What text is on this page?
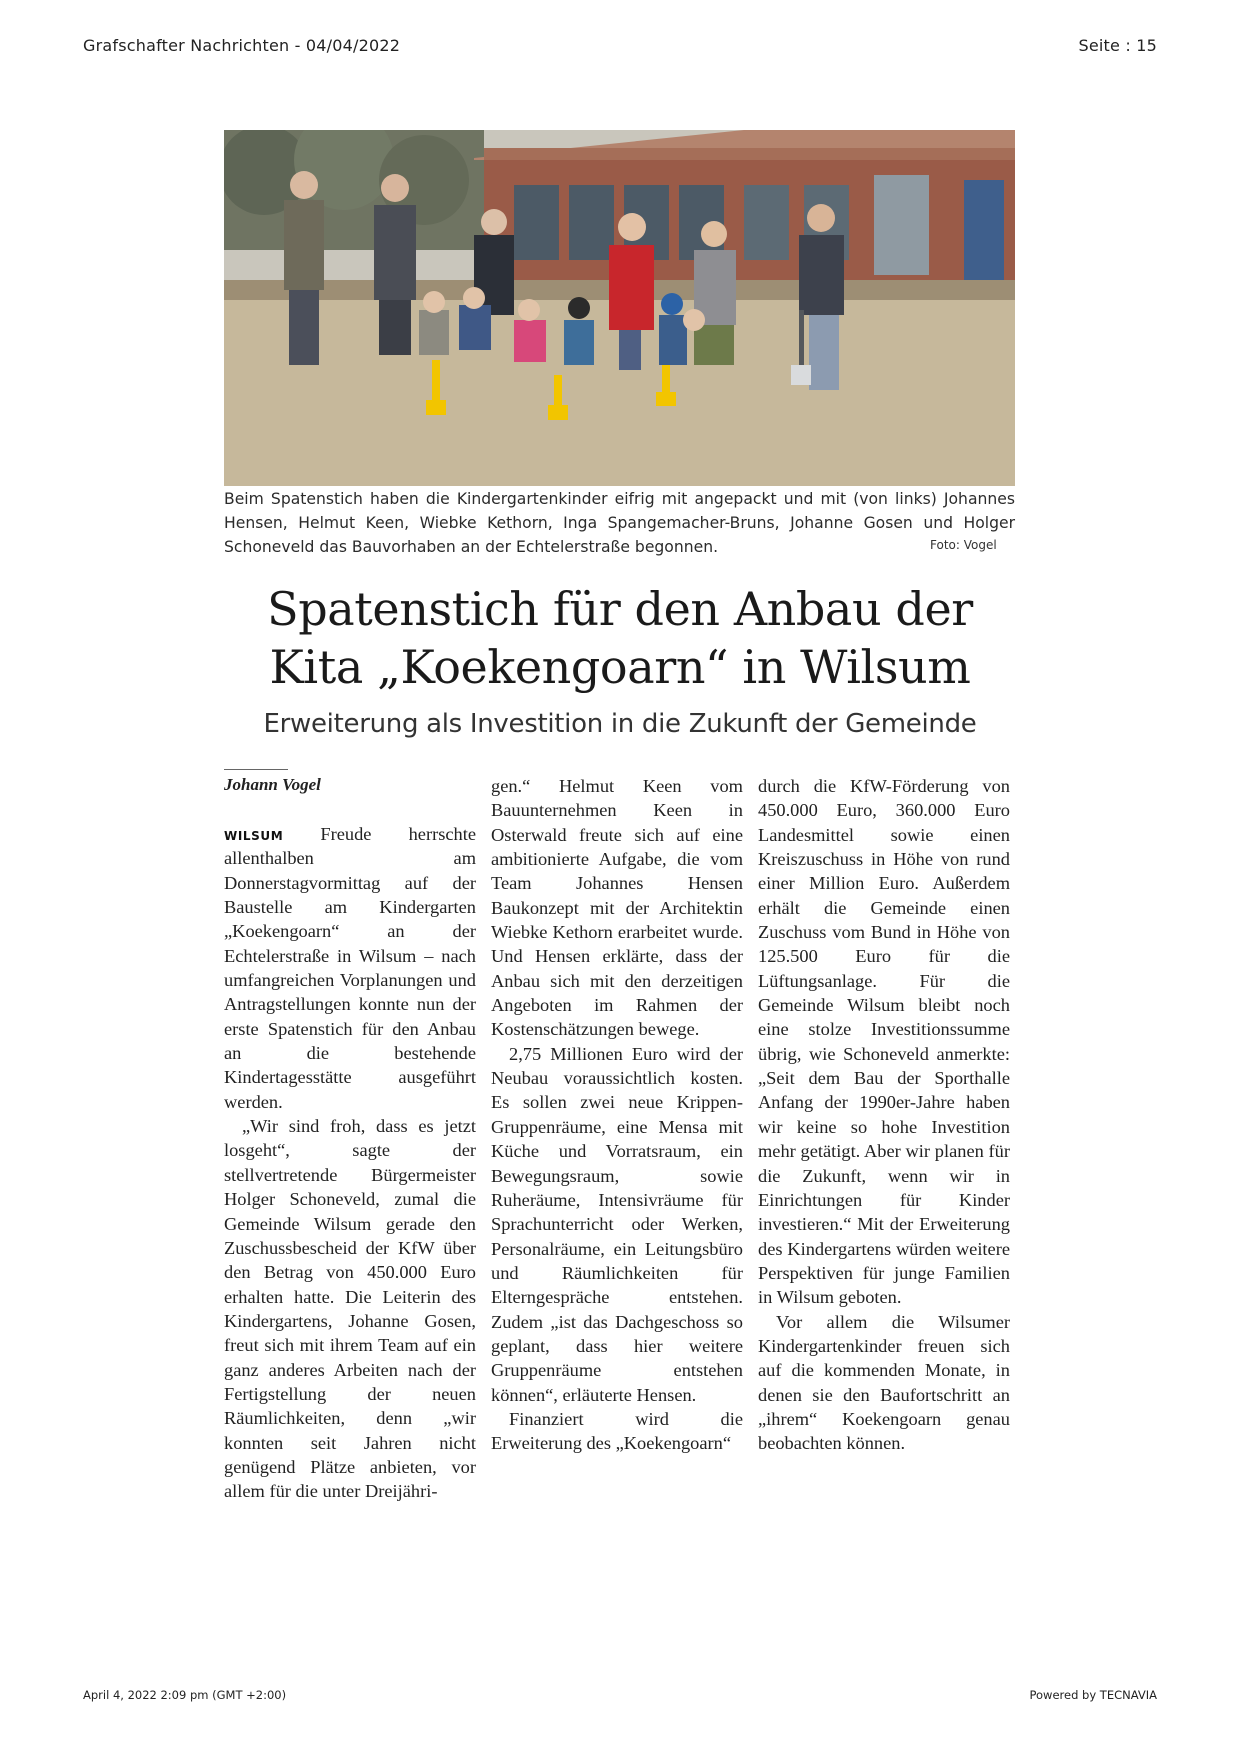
Grafschafter Nachrichten - 04/04/2022	Seite : 15
Beim Spatenstich haben die Kindergartenkinder eifrig mit angepackt und mit (von links) Johannes Hensen, Helmut Keen, Wiebke Kethorn, Inga Spangemacher-Bruns, Johanne Gosen und Holger Schoneveld das Bauvorhaben an der Echtelerstraße begonnen.	Foto: Vogel
Spatenstich für den Anbau der
Kita „Koekengoarn“ in Wilsum
Erweiterung als Investition in die Zukunft der Gemeinde
Johann Vogel

WILSUM Freude herrschte allenthalben am Donnerstagvormittag auf der Baustelle am Kindergarten „Koekengoarn“ an der Echtelerstraße in Wilsum – nach umfangreichen Vorplanungen und Antragstellungen konnte nun der erste Spatenstich für den Anbau an die bestehende Kindertagesstätte ausgeführt werden.

„Wir sind froh, dass es jetzt losgeht“, sagte der stellvertretende Bürgermeister Holger Schoneveld, zumal die Gemeinde Wilsum gerade den Zuschussbescheid der KfW über den Betrag von 450.000 Euro erhalten hatte. Die Leiterin des Kindergartens, Johanne Gosen, freut sich mit ihrem Team auf ein ganz anderes Arbeiten nach der Fertigstellung der neuen Räumlichkeiten, denn „wir konnten seit Jahren nicht genügend Plätze anbieten, vor allem für die unter Dreijähri-

gen.“ Helmut Keen vom Bauunternehmen Keen in Osterwald freute sich auf eine ambitionierte Aufgabe, die vom Team Johannes Hensen Baukonzept mit der Architektin Wiebke Kethorn erarbeitet wurde. Und Hensen erklärte, dass der Anbau sich mit den derzeitigen Angeboten im Rahmen der Kostenschätzungen bewege.

2,75 Millionen Euro wird der Neubau voraussichtlich kosten. Es sollen zwei neue Krippen-Gruppenräume, eine Mensa mit Küche und Vorratsraum, ein Bewegungsraum, sowie Ruheräume, Intensivräume für Sprachunterricht oder Werken, Personalräume, ein Leitungsbüro und Räumlichkeiten für Elterngespräche entstehen. Zudem „ist das Dachgeschoss so geplant, dass hier weitere Gruppenräume entstehen können“, erläuterte Hensen.

Finanziert wird die Erweiterung des „Koekengoarn“

durch die KfW-Förderung von 450.000 Euro, 360.000 Euro Landesmittel sowie einen Kreiszuschuss in Höhe von rund einer Million Euro. Außerdem erhält die Gemeinde einen Zuschuss vom Bund in Höhe von 125.500 Euro für die Lüftungsanlage. Für die Gemeinde Wilsum bleibt noch eine stolze Investitionssumme übrig, wie Schoneveld anmerkte: „Seit dem Bau der Sporthalle Anfang der 1990er-Jahre haben wir keine so hohe Investition mehr getätigt. Aber wir planen für die Zukunft, wenn wir in Einrichtungen für Kinder investieren.“ Mit der Erweiterung des Kindergartens würden weitere Perspektiven für junge Familien in Wilsum geboten.

Vor allem die Wilsumer Kindergartenkinder freuen sich auf die kommenden Monate, in denen sie den Baufortschritt an „ihrem“ Koekengoarn genau beobachten können.

April 4, 2022 2:09 pm (GMT +2:00)	Powered by TECNAVIA
